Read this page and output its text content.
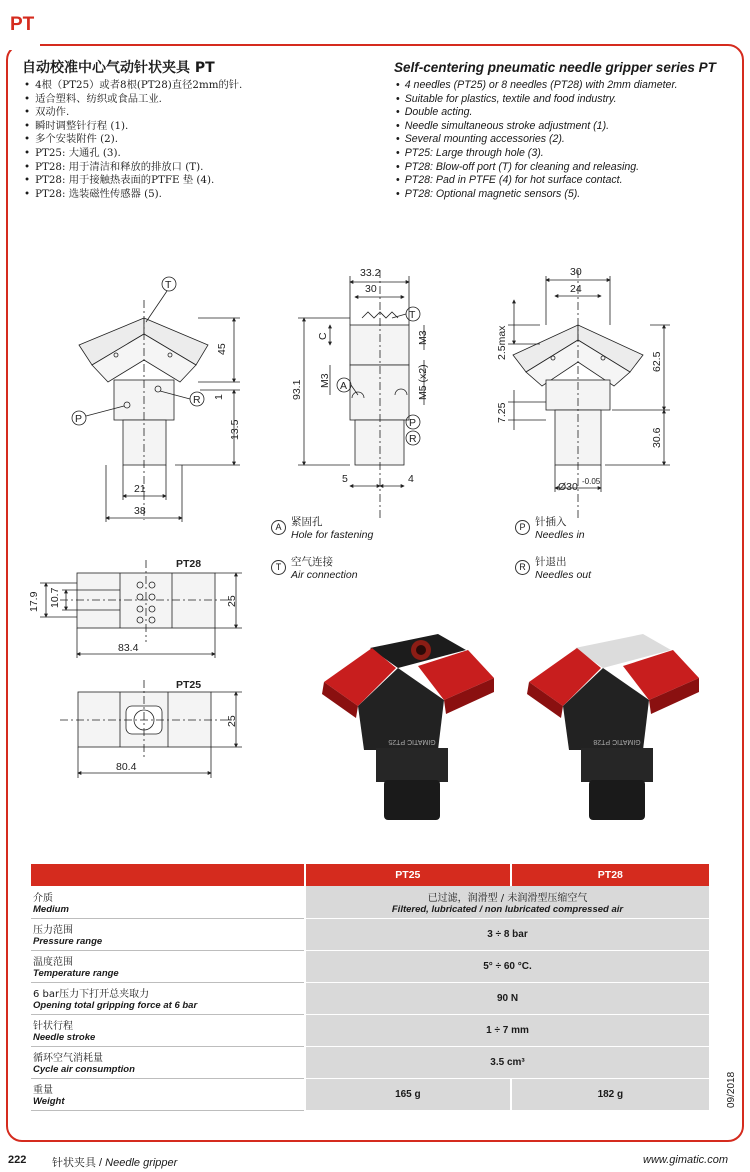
PT
自动校准中心气动针状夹具 PT	Self-centering pneumatic needle gripper series PT
• 4根（PT25）或者8根(PT28)直径2mm的针.
• 适合塑料、纺织或食品工业.
• 双动作.
• 瞬时调整针行程 (1).
• 多个安装附件 (2).
• PT25: 大通孔 (3).
• PT28: 用于清洁和释放的排放口 (T).
• PT28: 用于接触热表面的PTFE 垫 (4).
• PT28: 选装磁性传感器 (5).
• 4 needles (PT25) or 8 needles (PT28) with 2mm diameter.
• Suitable for plastics, textile and food industry.
• Double acting.
• Needle simultaneous stroke adjustment (1).
• Several mounting accessories (2).
• PT25: Large through hole (3).
• PT28: Blow-off port (T) for cleaning and releasing.
• PT28: Pad in PTFE (4) for hot surface contact.
• PT28: Optional magnetic sensors (5).
45
1
13.5
21
38
T
R
P
33.2
30
C
M3
M3
M5 (x2)
93.1
5	4
T
A
P
R
30
24
2.5max
62.5
7.25
30.6
Ø30 -0.05
PT28
17.9 10.7	25
83.4
PT25
25
80.4
A 紧固孔
Hole for fastening
T 空气连接
Air connection
P 针插入
Needles in
R 针退出
Needles out
GIMATIC PT25	GIMATIC PT28
	PT25	PT28

介质
Medium	已过滤，润滑型 / 未润滑型压缩空气
Filtered, lubricated / non lubricated compressed air	

压力范围
Pressure range	3 ÷ 8 bar	

温度范围
Temperature range	5° ÷ 60 °C.	

6 bar压力下打开总夹取力
Opening total gripping force at 6 bar	90 N	

针状行程
Needle stroke	1 ÷ 7 mm	

循环空气消耗量
Cycle air consumption	3.5 cm³	

重量
Weight	165 g	182 g	09/2018
222 针状夹具 / Needle gripper	www.gimatic.com
